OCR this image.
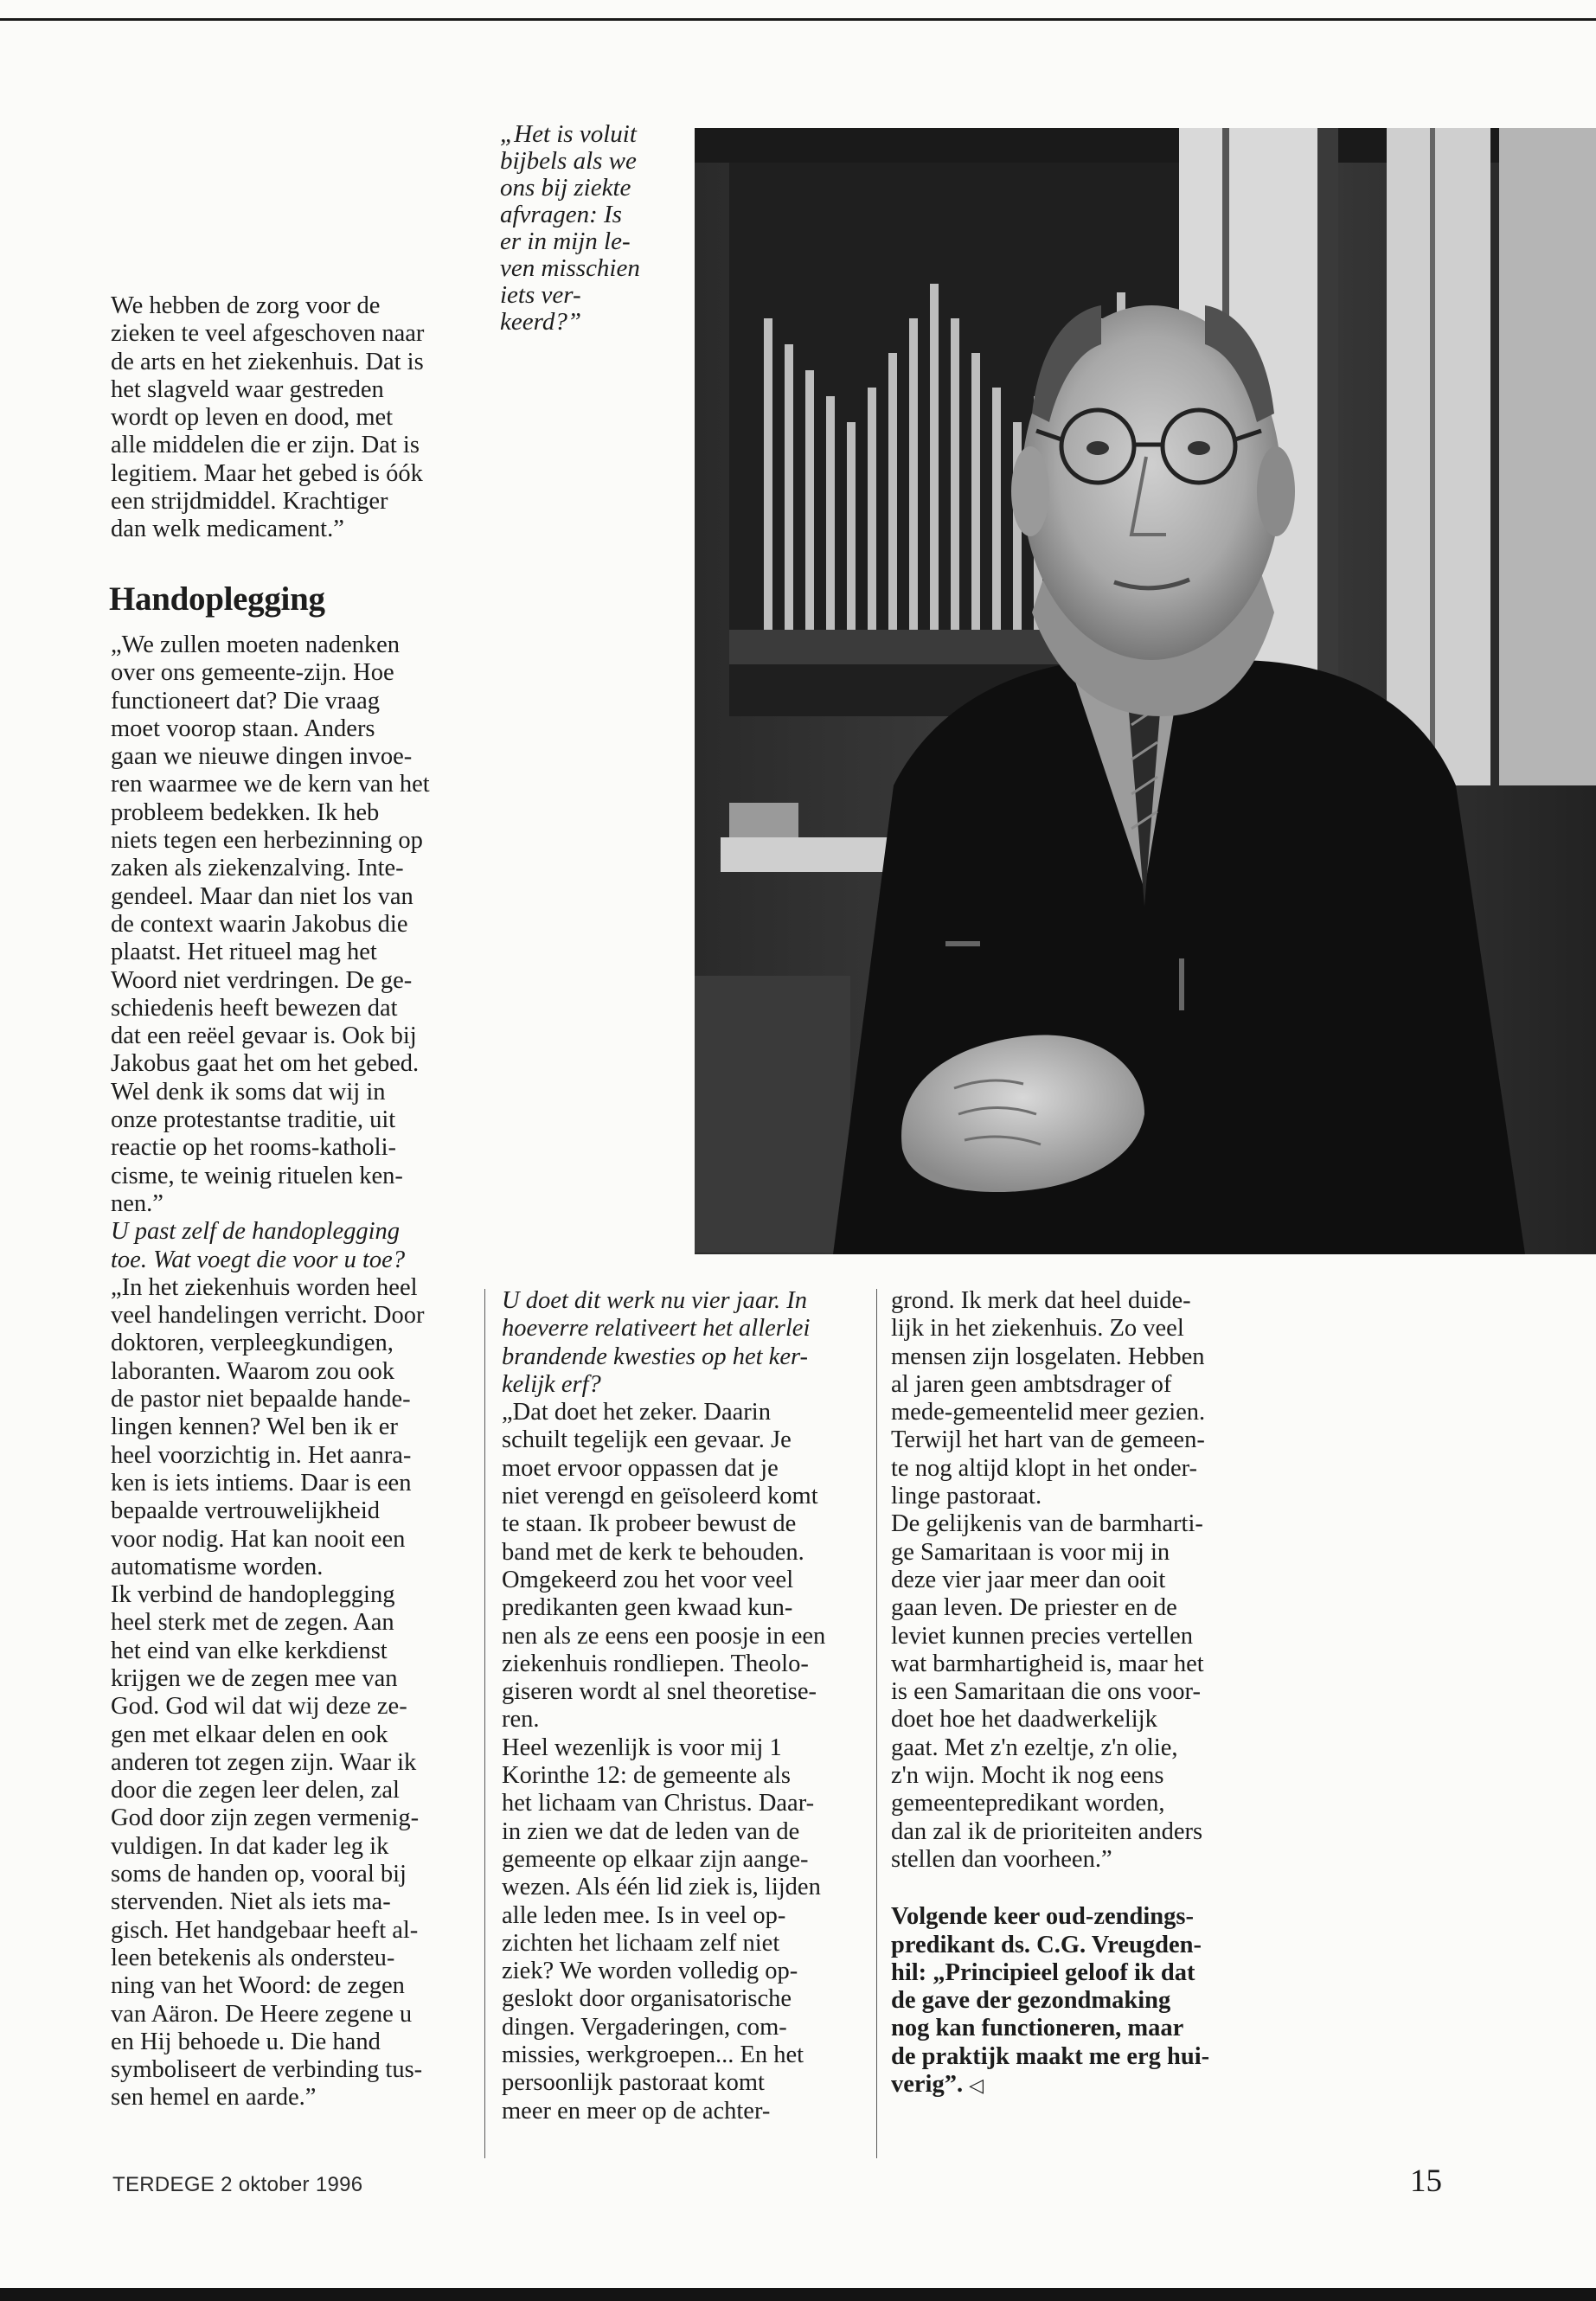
„Het is voluit
bijbels als we
ons bij ziekte
afvragen: Is
er in mijn le-
ven misschien
iets ver-
keerd?”
We hebben de zorg voor de
zieken te veel afgeschoven naar
de arts en het ziekenhuis. Dat is
het slagveld waar gestreden
wordt op leven en dood, met
alle middelen die er zijn. Dat is
legitiem. Maar het gebed is óók
een strijdmiddel. Krachtiger
dan welk medicament.”
Handoplegging

„We zullen moeten nadenken
over ons gemeente-zijn. Hoe
functioneert dat? Die vraag
moet voorop staan. Anders
gaan we nieuwe dingen invoe-
ren waarmee we de kern van het
probleem bedekken. Ik heb
niets tegen een herbezinning op
zaken als ziekenzalving. Inte-
gendeel. Maar dan niet los van
de context waarin Jakobus die
plaatst. Het ritueel mag het
Woord niet verdringen. De ge-
schiedenis heeft bewezen dat
dat een reëel gevaar is. Ook bij
Jakobus gaat het om het gebed.
Wel denk ik soms dat wij in
onze protestantse traditie, uit
reactie op het rooms-katholi-
cisme, te weinig rituelen ken-
nen.”

U past zelf de handoplegging
toe. Wat voegt die voor u toe?

„In het ziekenhuis worden heel
veel handelingen verricht. Door
doktoren, verpleegkundigen,
laboranten. Waarom zou ook
de pastor niet bepaalde hande-
lingen kennen? Wel ben ik er
heel voorzichtig in. Het aanra-
ken is iets intiems. Daar is een
bepaalde vertrouwelijkheid
voor nodig. Hat kan nooit een
automatisme worden.

Ik verbind de handoplegging
heel sterk met de zegen. Aan
het eind van elke kerkdienst
krijgen we de zegen mee van
God. God wil dat wij deze ze-
gen met elkaar delen en ook
anderen tot zegen zijn. Waar ik
door die zegen leer delen, zal
God door zijn zegen vermenig-
vuldigen. In dat kader leg ik
soms de handen op, vooral bij
stervenden. Niet als iets ma-
gisch. Het handgebaar heeft al-
leen betekenis als ondersteu-
ning van het Woord: de zegen
van Aäron. De Heere zegene u
en Hij behoede u. Die hand
symboliseert de verbinding tus-
sen hemel en aarde.”

U doet dit werk nu vier jaar. In
hoeverre relativeert het allerlei
brandende kwesties op het ker-
kelijk erf?

„Dat doet het zeker. Daarin
schuilt tegelijk een gevaar. Je
moet ervoor oppassen dat je
niet verengd en geïsoleerd komt
te staan. Ik probeer bewust de
band met de kerk te behouden.
Omgekeerd zou het voor veel
predikanten geen kwaad kun-
nen als ze eens een poosje in een
ziekenhuis rondliepen. Theolo-
giseren wordt al snel theoretise-
ren.

Heel wezenlijk is voor mij 1
Korinthe 12: de gemeente als
het lichaam van Christus. Daar-
in zien we dat de leden van de
gemeente op elkaar zijn aange-
wezen. Als één lid ziek is, lijden
alle leden mee. Is in veel op-
zichten het lichaam zelf niet
ziek? We worden volledig op-
geslokt door organisatorische
dingen. Vergaderingen, com-
missies, werkgroepen... En het
persoonlijk pastoraat komt
meer en meer op de achter-

grond. Ik merk dat heel duide-
lijk in het ziekenhuis. Zo veel
mensen zijn losgelaten. Hebben
al jaren geen ambtsdrager of
mede-gemeentelid meer gezien.
Terwijl het hart van de gemeen-
te nog altijd klopt in het onder-
linge pastoraat.

De gelijkenis van de barmharti-
ge Samaritaan is voor mij in
deze vier jaar meer dan ooit
gaan leven. De priester en de
leviet kunnen precies vertellen
wat barmhartigheid is, maar het
is een Samaritaan die ons voor-
doet hoe het daadwerkelijk
gaat. Met z'n ezeltje, z'n olie,
z'n wijn. Mocht ik nog eens
gemeentepredikant worden,
dan zal ik de prioriteiten anders
stellen dan voorheen.”

Volgende keer oud-zendings-
predikant ds. C.G. Vreugden-
hil: „Principieel geloof ik dat
de gave der gezondmaking
nog kan functioneren, maar
de praktijk maakt me erg hui-
verig”. ◁

TERDEGE 2 oktober 1996	15
